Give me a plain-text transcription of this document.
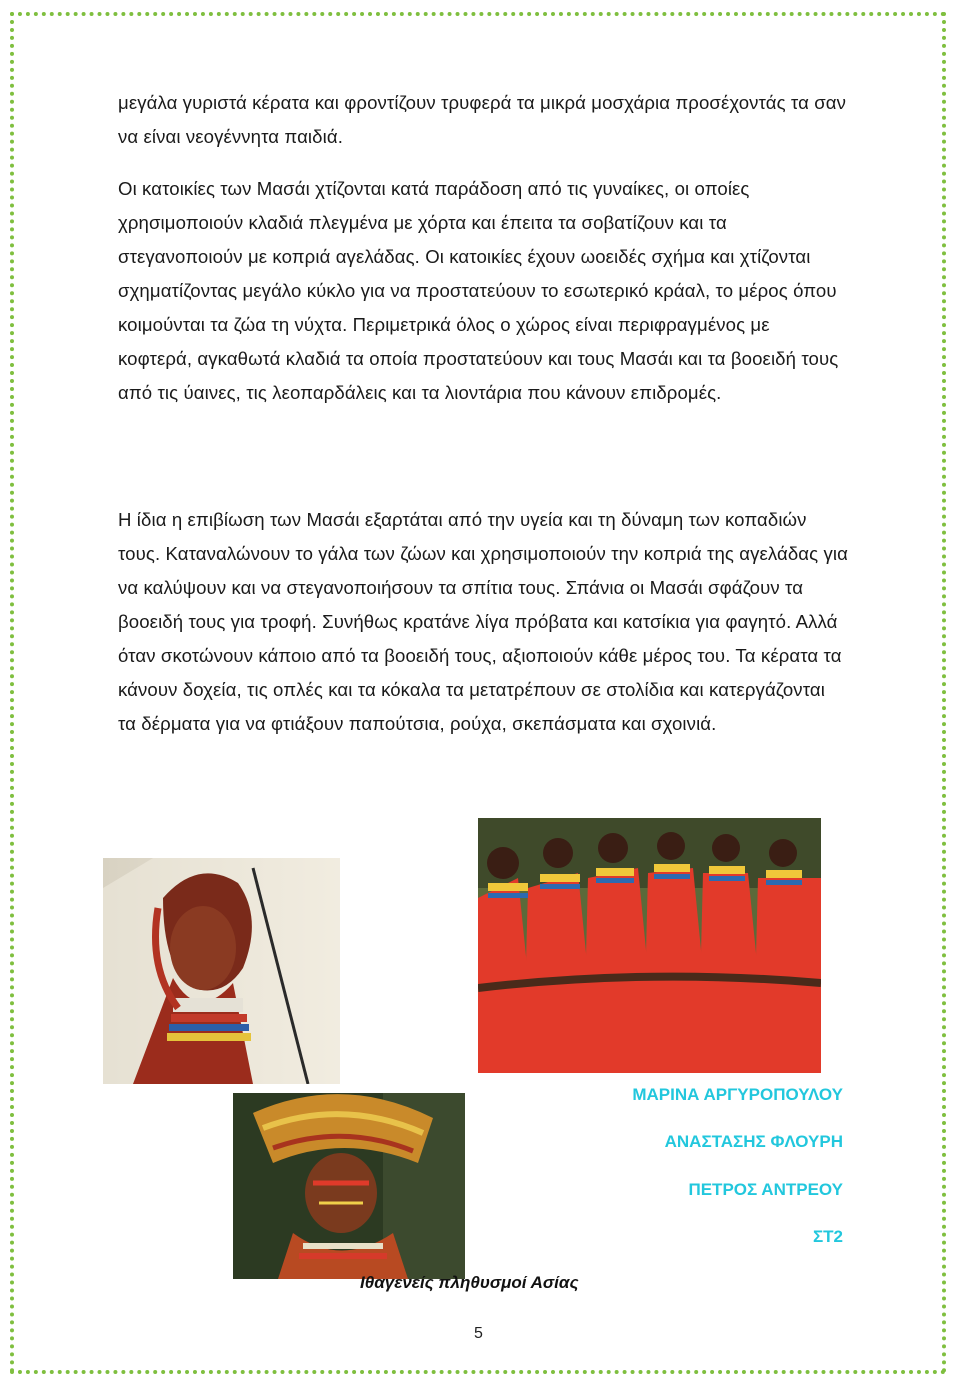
μεγάλα γυριστά κέρατα και φροντίζουν τρυφερά τα μικρά μοσχάρια προσέχοντάς τα σαν να είναι νεογέννητα παιδιά.

Οι κατοικίες των Μασάι χτίζονται κατά παράδοση από τις γυναίκες, οι οποίες χρησιμοποιούν κλαδιά πλεγμένα με χόρτα και έπειτα τα σοβατίζουν και τα στεγανοποιούν με κοπριά αγελάδας. Οι κατοικίες έχουν ωοειδές σχήμα και χτίζονται σχηματίζοντας μεγάλο κύκλο για να προστατεύουν το εσωτερικό κράαλ, το μέρος όπου κοιμούνται τα ζώα τη νύχτα. Περιμετρικά όλος ο χώρος είναι περιφραγμένος με κοφτερά, αγκαθωτά κλαδιά τα οποία προστατεύουν και τους Μασάι και τα βοοειδή τους από τις ύαινες, τις λεοπαρδάλεις και τα λιοντάρια που κάνουν επιδρομές.

Η ίδια η επιβίωση των Μασάι εξαρτάται από την υγεία και τη δύναμη των κοπαδιών τους. Καταναλώνουν το γάλα των ζώων και χρησιμοποιούν την κοπριά της αγελάδας για να καλύψουν και να στεγανοποιήσουν τα σπίτια τους. Σπάνια οι Μασάι σφάζουν τα βοοειδή τους για τροφή. Συνήθως κρατάνε λίγα πρόβατα και κατσίκια για φαγητό. Αλλά όταν σκοτώνουν κάποιο από τα βοοειδή τους, αξιοποιούν κάθε μέρος του. Τα κέρατα τα κάνουν δοχεία, τις οπλές και τα κόκαλα τα μετατρέπουν σε στολίδια και κατεργάζονται τα δέρματα για να φτιάξουν παπούτσια, ρούχα, σκεπάσματα και σχοινιά.

ΜΑΡΙΝΑ ΑΡΓΥΡΟΠΟΥΛΟΥ
ΑΝΑΣΤΑΣΗΣ ΦΛΟΥΡΗ
ΠΕΤΡΟΣ ΑΝΤΡΕΟΥ
ΣΤ2
Ιθαγενείς πληθυσμοί Ασίας
5
